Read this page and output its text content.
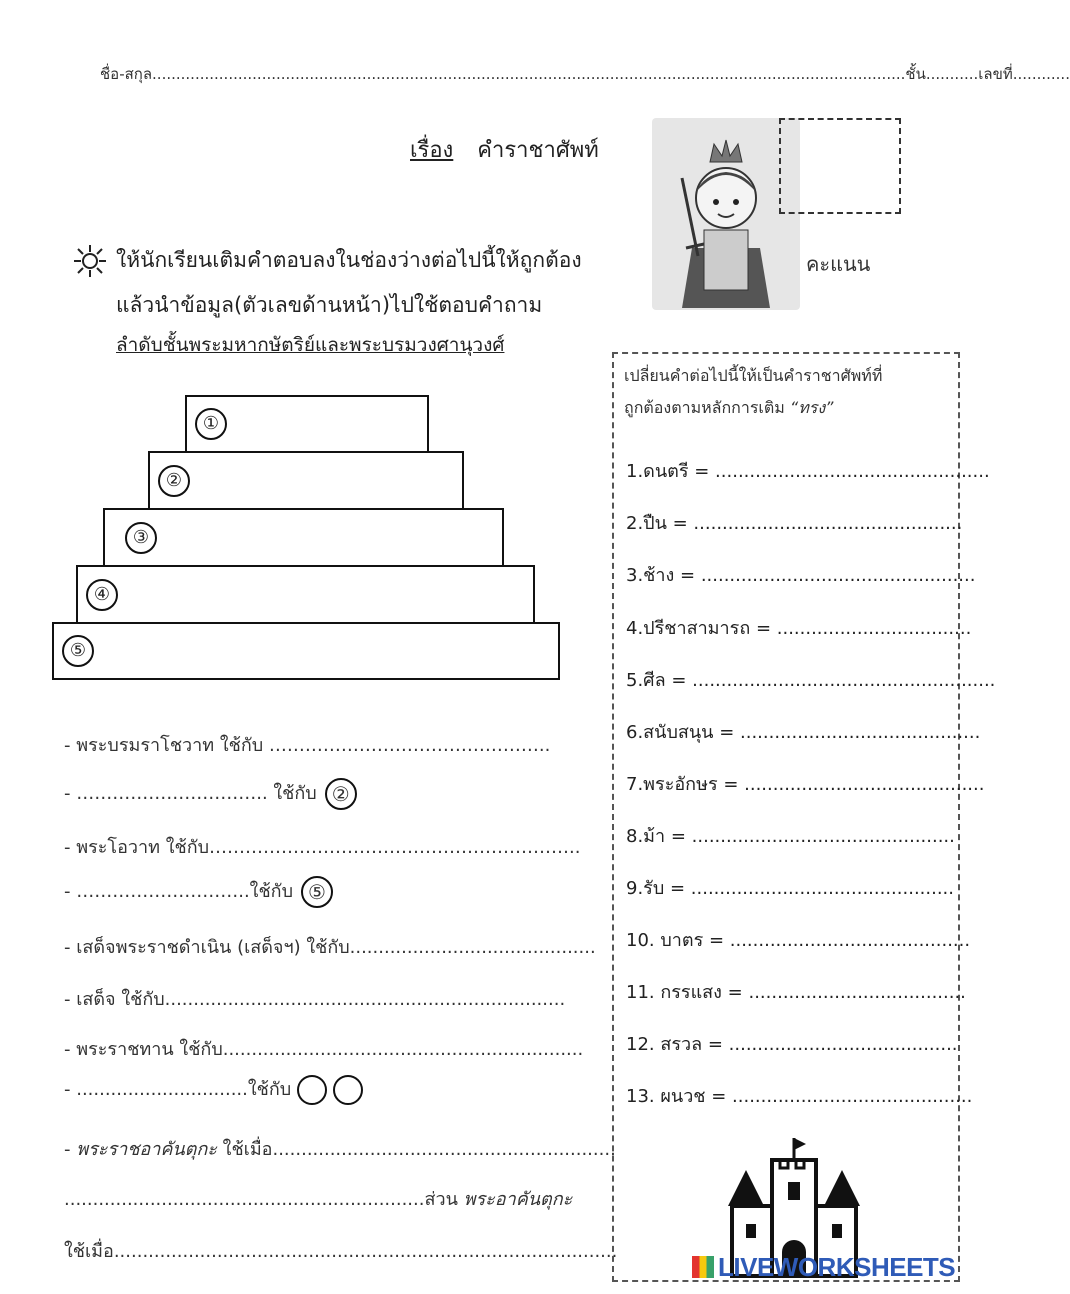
ชื่อ-สกุล..............................................................................................................................................................ชั้น...........เลขที่............
เรื่อง คำราชาศัพท์
คะแนน
ให้นักเรียนเติมคำตอบลงในช่องว่างต่อไปนี้ให้ถูกต้อง
แล้วนำข้อมูล(ตัวเลขด้านหน้า)ไปใช้ตอบคำถาม
ลำดับชั้นพระมหากษัตริย์และพระบรมวงศานุวงศ์
①
②
③
④
⑤
- พระบรมราโชวาท ใช้กับ ………………………………………..
- ………………………….. ใช้กับ ②
- พระโอวาท ใช้กับ……………………………………………………..
- ………………………..ใช้กับ ⑤
- เสด็จพระราชดำเนิน (เสด็จฯ) ใช้กับ...........................................
- เสด็จ ใช้กับ......................................................................
- พระราชทาน ใช้กับ...............................................................
- ..............................ใช้กับ
- พระราชอาคันตุกะ ใช้เมื่อ............................................................
...............................................................ส่วน พระอาคันตุกะ
ใช้เมื่อ........................................................................................
เปลี่ยนคำต่อไปนี้ให้เป็นคำราชาศัพท์ที่
ถูกต้องตามหลักการเติม “ทรง”
1.ดนตรี = ................................................
2.ปืน = ...............................................
3.ช้าง = ................................................
4.ปรีชาสามารถ = ..................................
5.ศีล = .....................................................
6.สนับสนุน = ..........................................
7.พระอักษร = ..........................................
8.ม้า = ..............................................
9.รับ = ..............................................
10. บาตร = ..........................................
11. กรรแสง = ......................................
12. สรวล = ........................................
13. ผนวช = ..........................................
LIVEWORKSHEETS
